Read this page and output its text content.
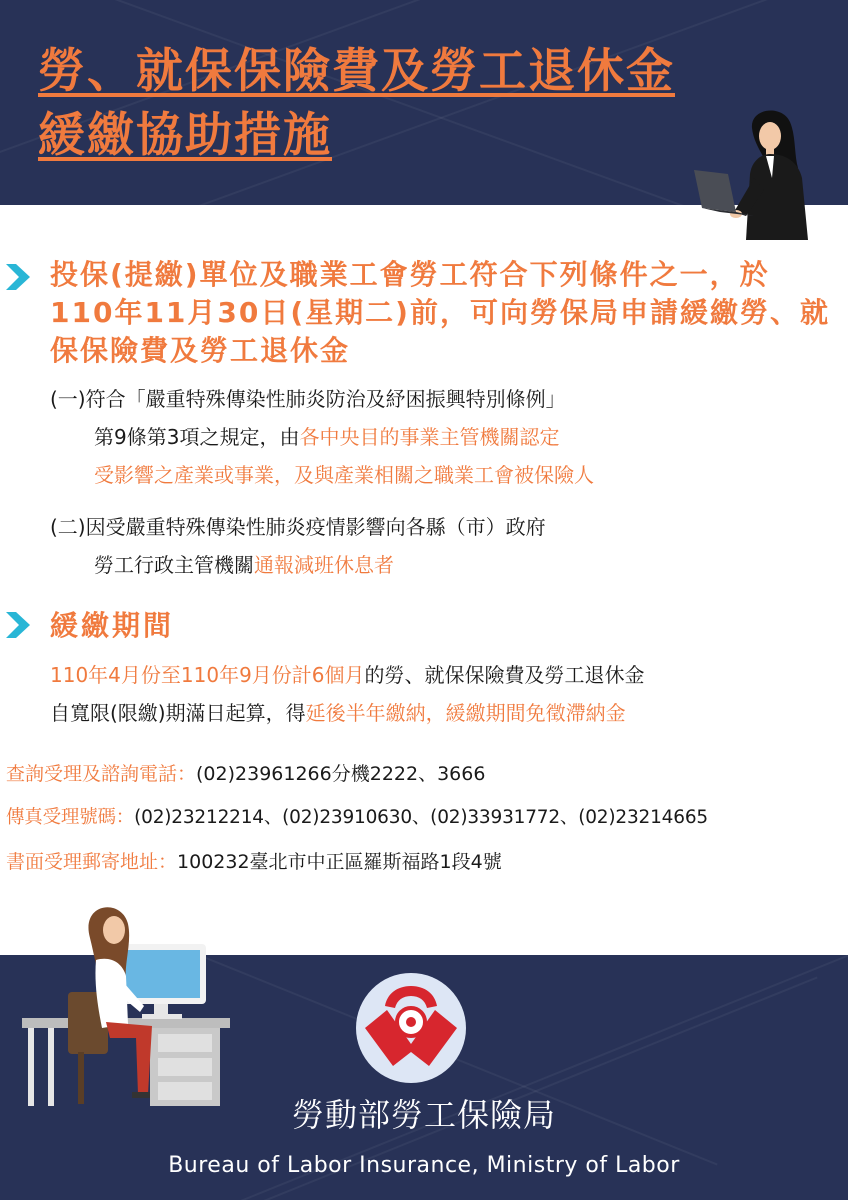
勞、就保保險費及勞工退休金
緩繳協助措施

投保(提繳)單位及職業工會勞工符合下列條件之一，於110年11月30日(星期二)前，可向勞保局申請緩繳勞、就保保險費及勞工退休金

(一)符合「嚴重特殊傳染性肺炎防治及紓困振興特別條例」

第9條第3項之規定，由各中央目的事業主管機關認定

受影響之產業或事業，及與產業相關之職業工會被保險人

(二)因受嚴重特殊傳染性肺炎疫情影響向各縣（市）政府

勞工行政主管機關通報減班休息者

緩繳期間

110年4月份至110年9月份計6個月的勞、就保保險費及勞工退休金

自寬限(限繳)期滿日起算，得延後半年繳納，緩繳期間免徵滯納金

查詢受理及諮詢電話：(02)23961266分機2222、3666

傳真受理號碼：(02)23212214、(02)23910630、(02)33931772、(02)23214665

書面受理郵寄地址：100232臺北市中正區羅斯福路1段4號

勞動部勞工保險局

Bureau of Labor Insurance, Ministry of Labor
